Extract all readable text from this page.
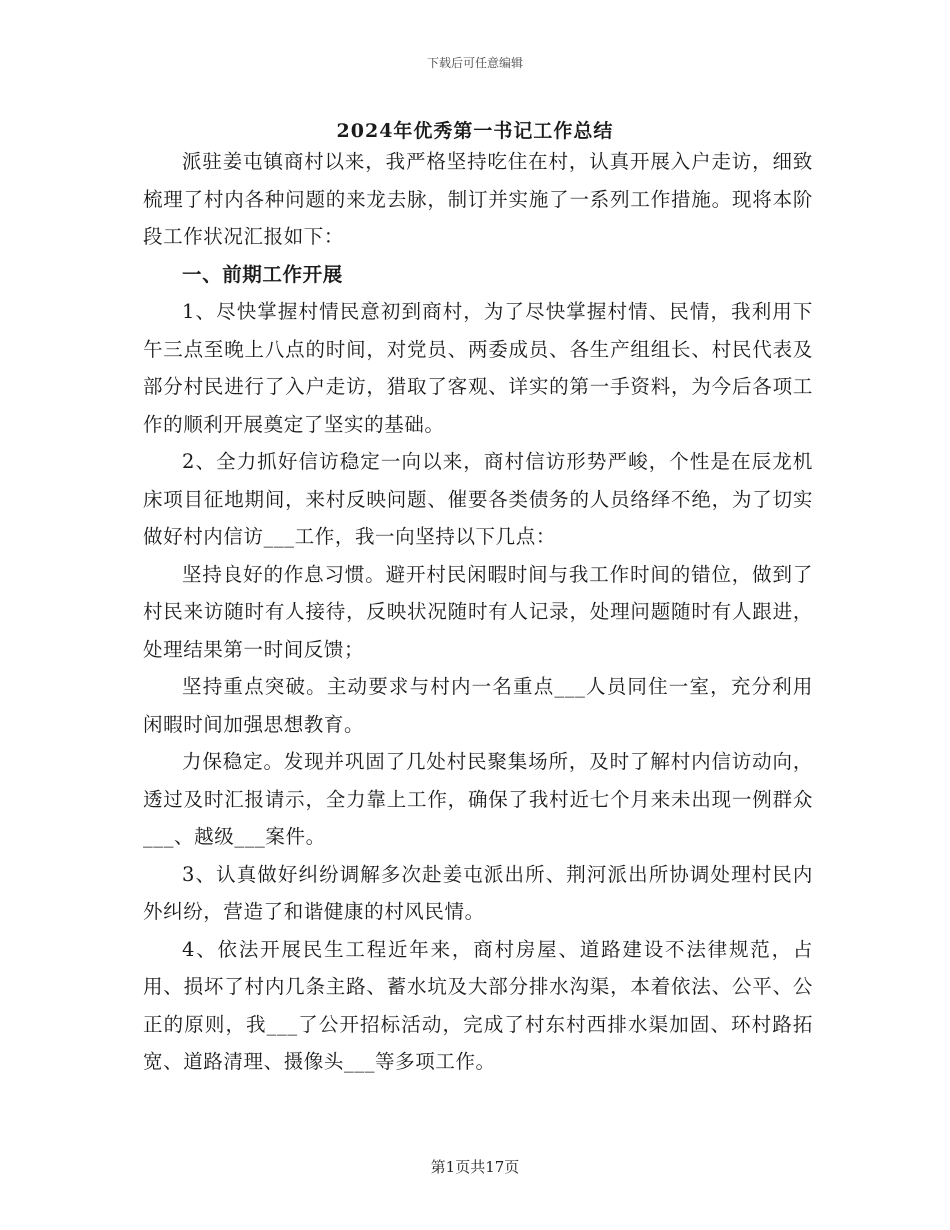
下载后可任意编辑
2024年优秀第一书记工作总结

派驻姜屯镇商村以来，我严格坚持吃住在村，认真开展入户走访，细致梳理了村内各种问题的来龙去脉，制订并实施了一系列工作措施。现将本阶段工作状况汇报如下：

一、前期工作开展

1、尽快掌握村情民意初到商村，为了尽快掌握村情、民情，我利用下午三点至晚上八点的时间，对党员、两委成员、各生产组组长、村民代表及部分村民进行了入户走访，猎取了客观、详实的第一手资料，为今后各项工作的顺利开展奠定了坚实的基础。

2、全力抓好信访稳定一向以来，商村信访形势严峻，个性是在辰龙机床项目征地期间，来村反映问题、催要各类债务的人员络绎不绝，为了切实做好村内信访___工作，我一向坚持以下几点：

坚持良好的作息习惯。避开村民闲暇时间与我工作时间的错位，做到了村民来访随时有人接待，反映状况随时有人记录，处理问题随时有人跟进，处理结果第一时间反馈；

坚持重点突破。主动要求与村内一名重点___人员同住一室，充分利用闲暇时间加强思想教育。

力保稳定。发现并巩固了几处村民聚集场所，及时了解村内信访动向，透过及时汇报请示，全力靠上工作，确保了我村近七个月来未出现一例群众___、越级___案件。

3、认真做好纠纷调解多次赴姜屯派出所、荆河派出所协调处理村民内外纠纷，营造了和谐健康的村风民情。

4、依法开展民生工程近年来，商村房屋、道路建设不法律规范，占用、损坏了村内几条主路、蓄水坑及大部分排水沟渠，本着依法、公平、公正的原则，我___了公开招标活动，完成了村东村西排水渠加固、环村路拓宽、道路清理、摄像头___等多项工作。

第1页共17页
